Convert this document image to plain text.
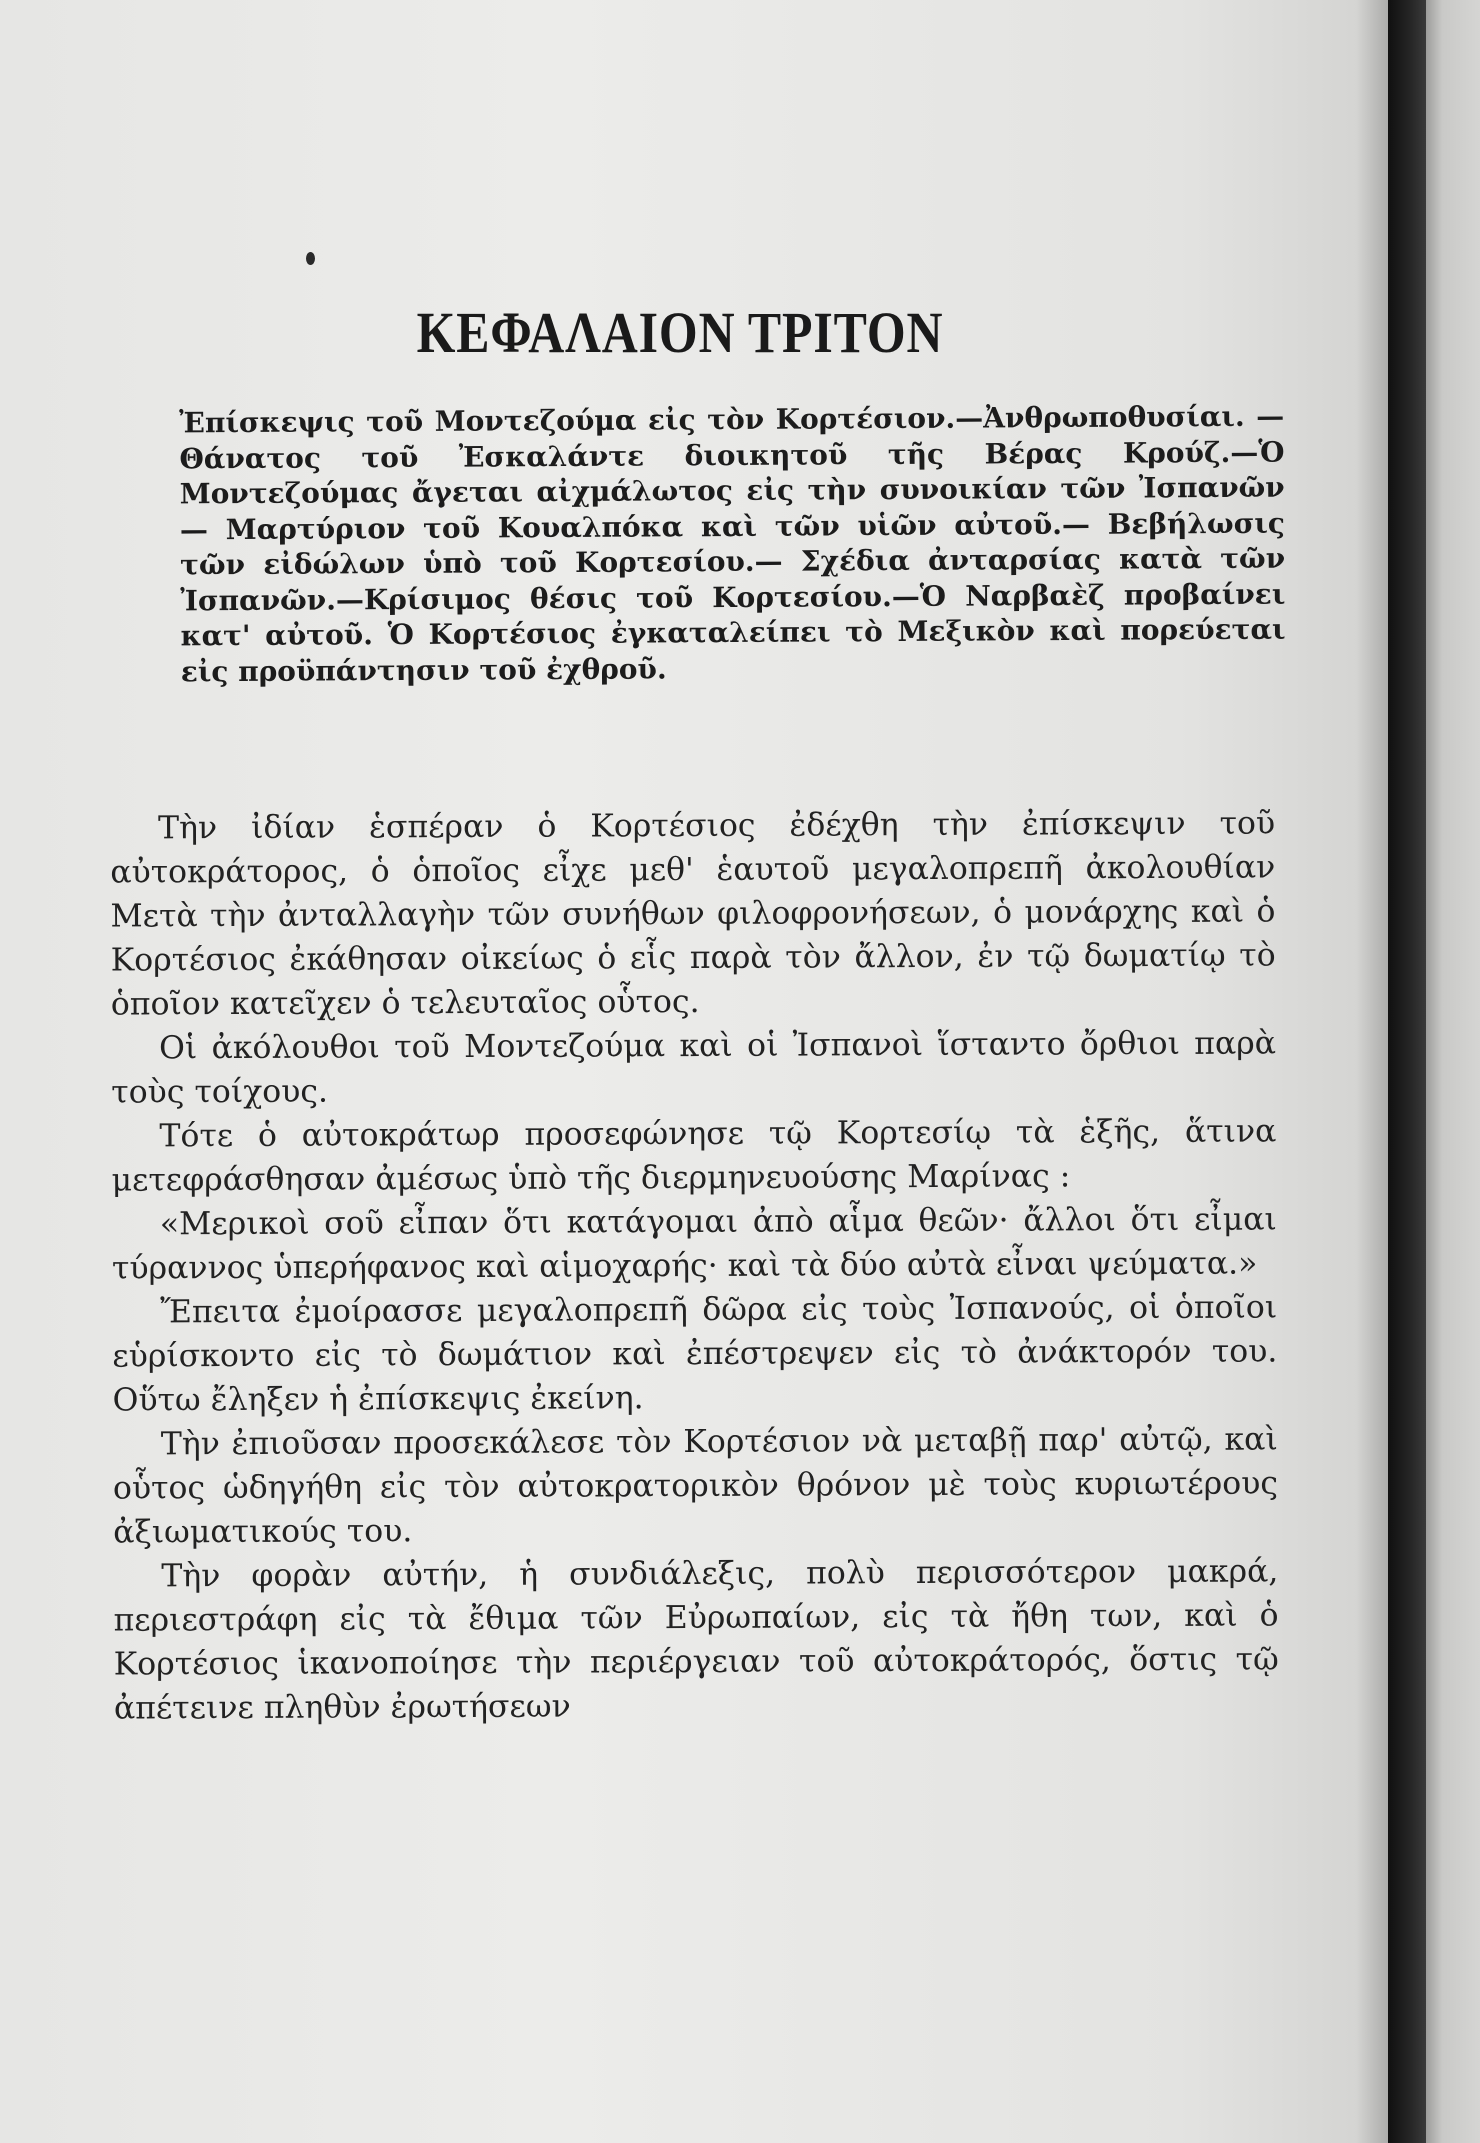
ΚΕΦΑΛΑΙΟΝ ΤΡΙΤΟΝ

Ἐπίσκεψις τοῦ Μοντεζούμα εἰς τὸν Κορτέσιον.—Ἀνθρωποθυσίαι. —Θάνατος τοῦ Ἐσκαλάντε διοικητοῦ τῆς Βέρας Κρούζ.—Ὁ Μοντεζούμας ἄγεται αἰχμάλωτος εἰς τὴν συνοικίαν τῶν Ἰσπανῶν — Μαρτύριον τοῦ Κουαλπόκα καὶ τῶν υἱῶν αὐτοῦ.— Βεβήλωσις τῶν εἰδώλων ὑπὸ τοῦ Κορτεσίου.— Σχέδια ἀνταρσίας κατὰ τῶν Ἰσπανῶν.—Κρίσιμος θέσις τοῦ Κορτεσίου.—Ὁ Ναρβαὲζ προβαίνει κατ' αὐτοῦ. Ὁ Κορτέσιος ἐγκαταλείπει τὸ Μεξικὸν καὶ πορεύεται εἰς προϋπάντησιν τοῦ ἐχθροῦ.

Τὴν ἰδίαν ἑσπέραν ὁ Κορτέσιος ἐδέχθη τὴν ἐπίσκεψιν τοῦ αὐτοκράτορος, ὁ ὁποῖος εἶχε μεθ' ἑαυτοῦ μεγαλοπρεπῆ ἀκολουθίαν Μετὰ τὴν ἀνταλλαγὴν τῶν συνήθων φιλοφρονήσεων, ὁ μονάρχης καὶ ὁ Κορτέσιος ἐκάθησαν οἰκείως ὁ εἷς παρὰ τὸν ἄλλον, ἐν τῷ δωματίῳ τὸ ὁποῖον κατεῖχεν ὁ τελευταῖος οὗτος.

Οἱ ἀκόλουθοι τοῦ Μοντεζούμα καὶ οἱ Ἰσπανοὶ ἵσταντο ὄρθιοι παρὰ τοὺς τοίχους.

Τότε ὁ αὐτοκράτωρ προσεφώνησε τῷ Κορτεσίῳ τὰ ἑξῆς, ἅτινα μετεφράσθησαν ἀμέσως ὑπὸ τῆς διερμηνευούσης Μαρίνας :

«Μερικοὶ σοῦ εἶπαν ὅτι κατάγομαι ἀπὸ αἷμα θεῶν· ἄλλοι ὅτι εἶμαι τύραννος ὑπερήφανος καὶ αἱμοχαρής· καὶ τὰ δύο αὐτὰ εἶναι ψεύματα.»

Ἔπειτα ἐμοίρασσε μεγαλοπρεπῆ δῶρα εἰς τοὺς Ἰσπανούς, οἱ ὁποῖοι εὑρίσκοντο εἰς τὸ δωμάτιον καὶ ἐπέστρεψεν εἰς τὸ ἀνάκτορόν του. Οὕτω ἔληξεν ἡ ἐπίσκεψις ἐκείνη.

Τὴν ἐπιοῦσαν προσεκάλεσε τὸν Κορτέσιον νὰ μεταβῇ παρ' αὐτῷ, καὶ οὗτος ὡδηγήθη εἰς τὸν αὐτοκρατορικὸν θρόνον μὲ τοὺς κυριωτέρους ἀξιωματικούς του.

Τὴν φορὰν αὐτήν, ἡ συνδιάλεξις, πολὺ περισσότερον μακρά, περιεστράφη εἰς τὰ ἔθιμα τῶν Εὐρωπαίων, εἰς τὰ ἤθη των, καὶ ὁ Κορτέσιος ἱκανοποίησε τὴν περιέργειαν τοῦ αὐτοκράτορός, ὅστις τῷ ἀπέτεινε πληθὺν ἐρωτήσεων
